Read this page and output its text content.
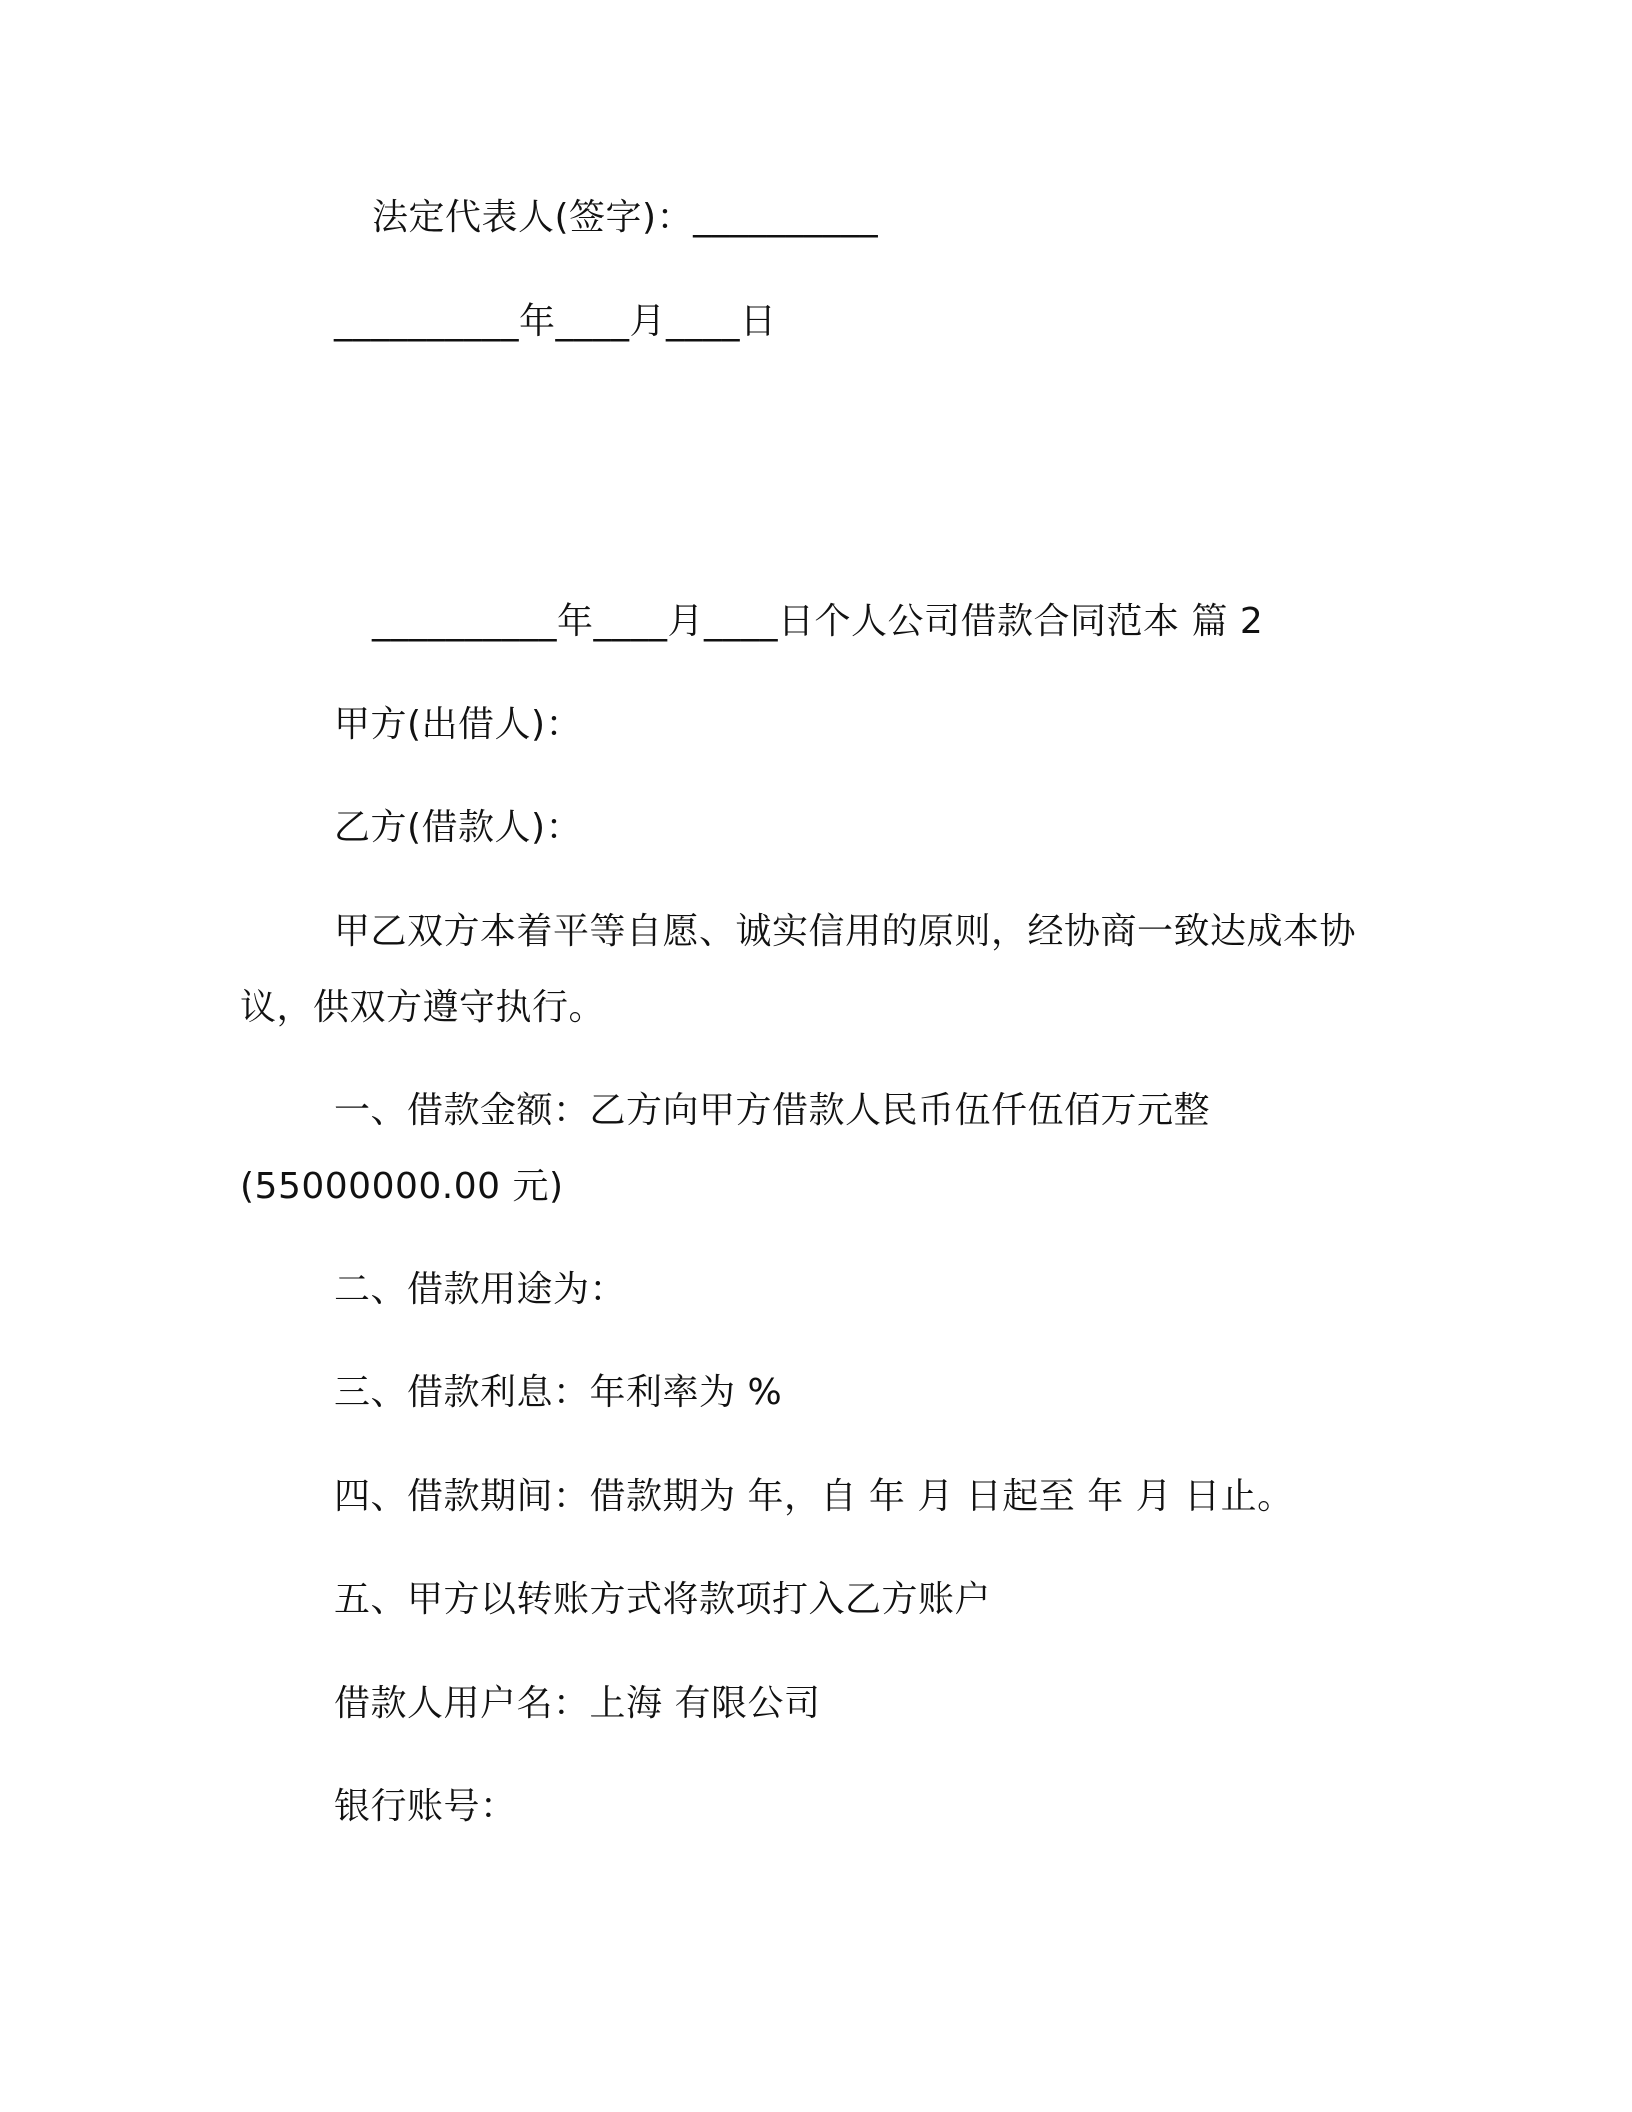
法定代表人(签字)：__________
__________年____月____日
__________年____月____日个人公司借款合同范本 篇 2
甲方(出借人)：
乙方(借款人)：
甲乙双方本着平等自愿、诚实信用的原则，经协商一致达成本协
议，供双方遵守执行。
一、借款金额：乙方向甲方借款人民币伍仟伍佰万元整
(55000000.00 元)
二、借款用途为：
三、借款利息：年利率为 %
四、借款期间：借款期为 年，自 年 月 日起至 年 月 日止。
五、甲方以转账方式将款项打入乙方账户
借款人用户名：上海 有限公司
银行账号：
